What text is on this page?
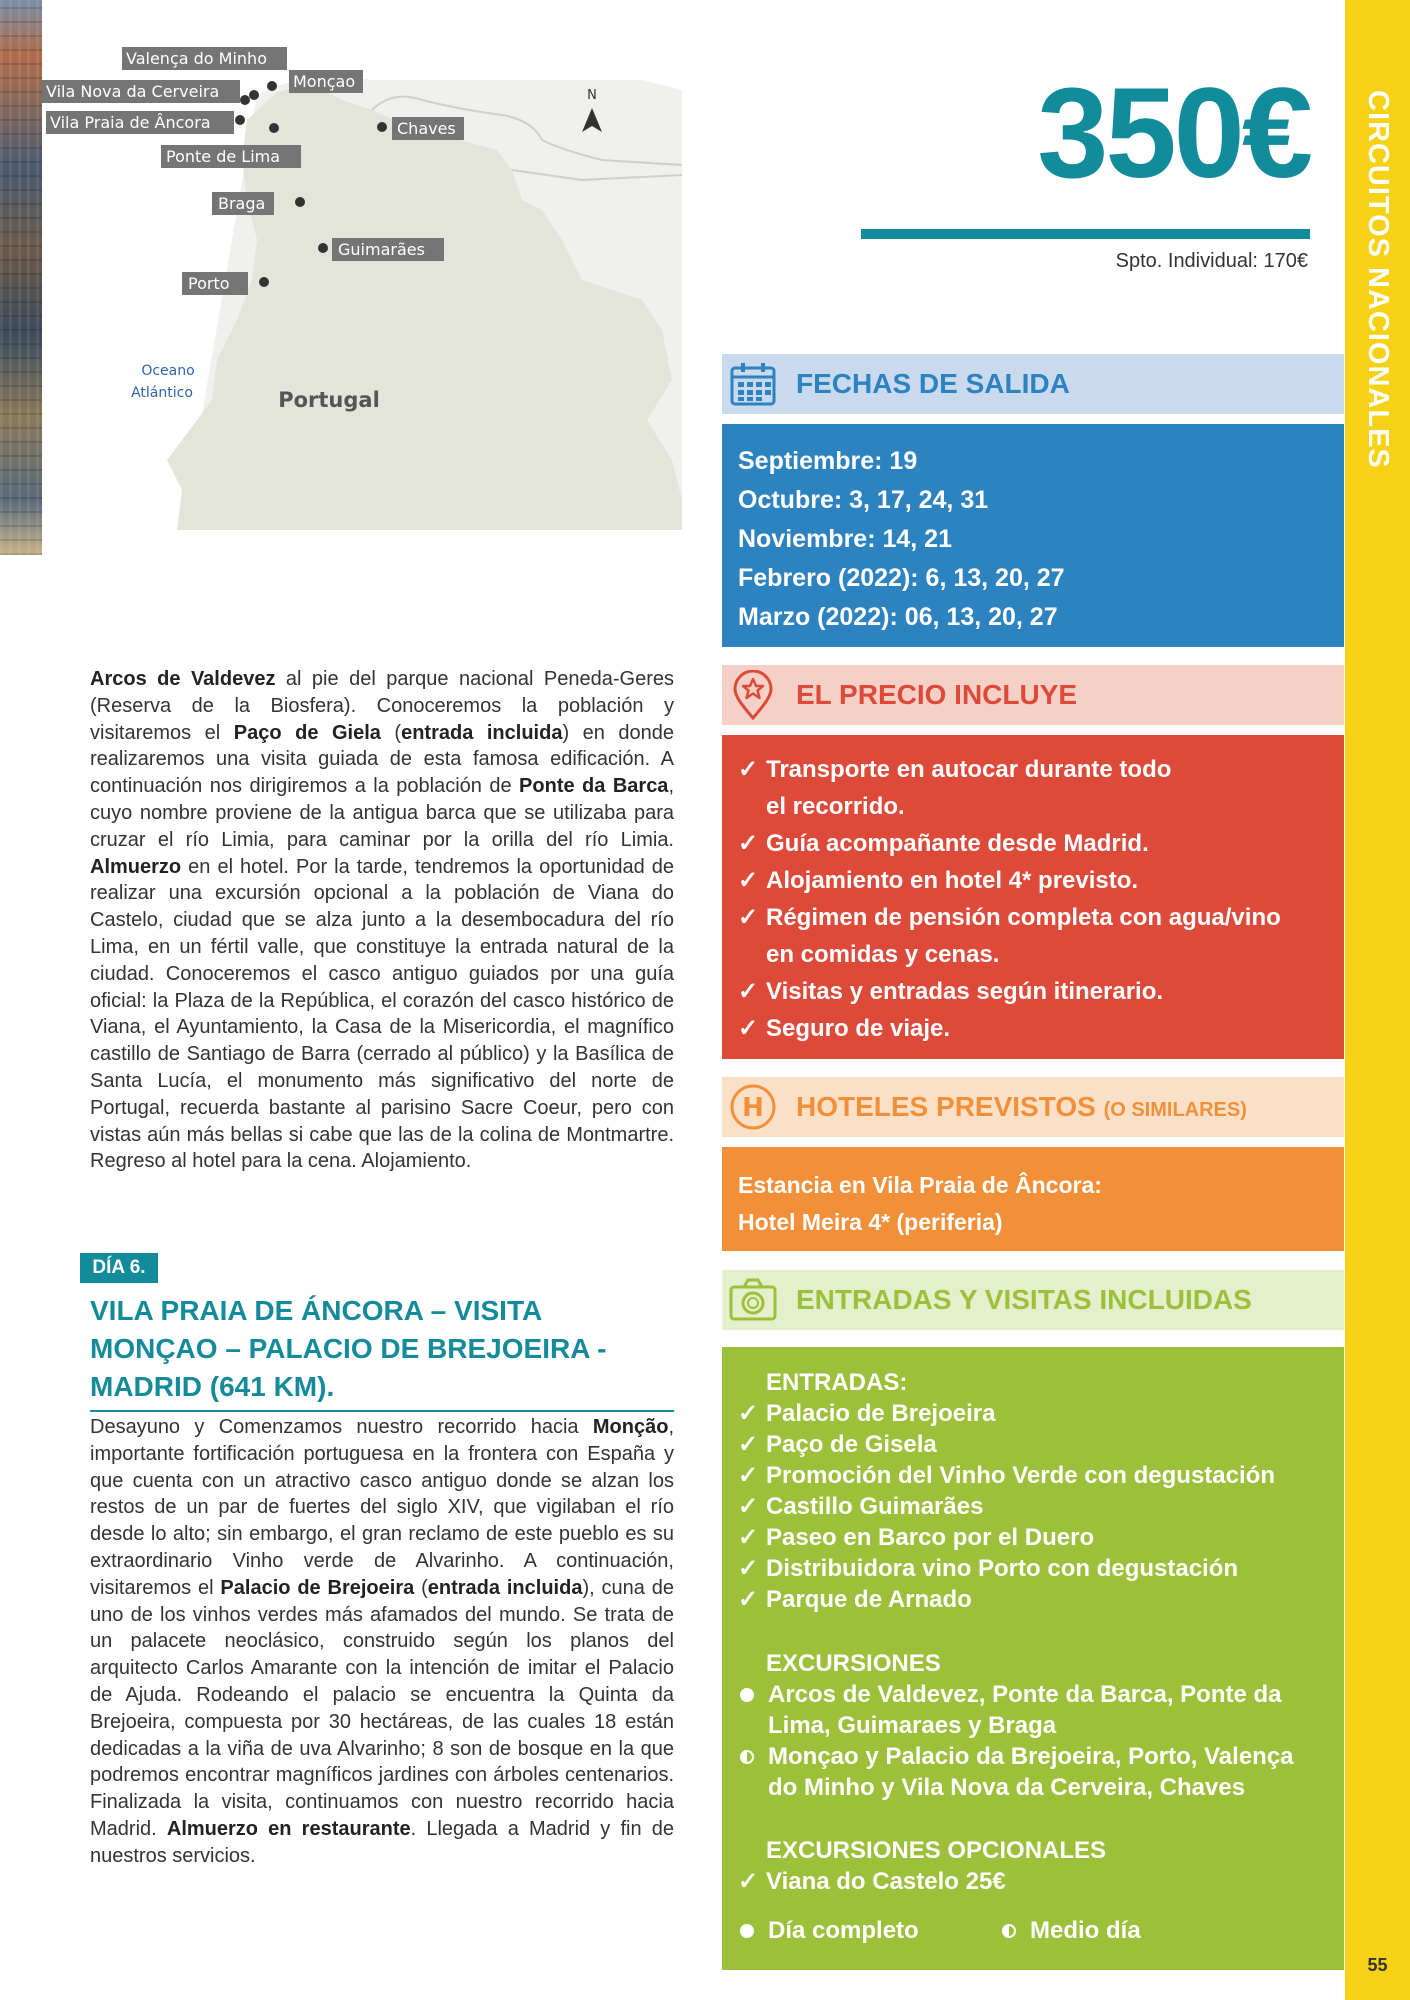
N
Oceano
Atlántico	Portugal
Valença do Minho
Vila Nova da Cerveira
Vila Praia de Âncora
Monçao
Chaves
Ponte de Lima
Braga
Guimarães
Porto
350€
Spto. Individual: 170€ CIRCUITOS NACIONALES
55
FECHAS DE SALIDA
Septiembre: 19
Octubre: 3, 17, 24, 31
Noviembre: 14, 21
Febrero (2022): 6, 13, 20, 27
Marzo (2022): 06, 13, 20, 27
EL PRECIO INCLUYE
✓ Transporte en autocar durante todo
el recorrido.
✓ Guía acompañante desde Madrid.
✓ Alojamiento en hotel 4* previsto.
✓ Régimen de pensión completa con agua/vino
en comidas y cenas.
✓ Visitas y entradas según itinerario.
✓ Seguro de viaje.
H HOTELES PREVISTOS (O SIMILARES)
Estancia en Vila Praia de Âncora:
Hotel Meira 4* (periferia)
ENTRADAS Y VISITAS INCLUIDAS
ENTRADAS:
✓ Palacio de Brejoeira
✓ Paço de Gisela
✓ Promoción del Vinho Verde con degustación
✓ Castillo Guimarães
✓ Paseo en Barco por el Duero
✓ Distribuidora vino Porto con degustación
✓ Parque de Arnado
EXCURSIONES
Arcos de Valdevez, Ponte da Barca, Ponte da
Lima, Guimaraes y Braga
Monçao y Palacio da Brejoeira, Porto, Valença
do Minho y Vila Nova da Cerveira, Chaves
EXCURSIONES OPCIONALES
✓ Viana do Castelo 25€
Día completo	Medio día

Arcos de Valdevez al pie del parque nacional Peneda-Geres (Reserva de la Biosfera). Conoceremos la población y visitaremos el Paço de Giela (entrada incluida) en donde realizaremos una visita guiada de esta famosa edificación. A continuación nos dirigiremos a la población de Ponte da Barca, cuyo nombre proviene de la antigua barca que se utilizaba para cruzar el río Limia, para caminar por la orilla del río Limia. Almuerzo en el hotel. Por la tarde, tendremos la oportunidad de realizar una excursión opcional a la población de Viana do Castelo, ciudad que se alza junto a la desembocadura del río Lima, en un fértil valle, que constituye la entrada natural de la ciudad. Conoceremos el casco antiguo guiados por una guía oficial: la Plaza de la República, el corazón del casco histórico de Viana, el Ayuntamiento, la Casa de la Misericordia, el magnífico castillo de Santiago de Barra (cerrado al público) y la Basílica de Santa Lucía, el monumento más significativo del norte de Portugal, recuerda bastante al parisino Sacre Coeur, pero con vistas aún más bellas si cabe que las de la colina de Montmartre. Regreso al hotel para la cena. Alojamiento.

DÍA 6.
VILA PRAIA DE ÁNCORA – VISITA
MONÇAO – PALACIO DE BREJOEIRA -
MADRID (641 KM).

Desayuno y Comenzamos nuestro recorrido hacia Monção, importante fortificación portuguesa en la frontera con España y que cuenta con un atractivo casco antiguo donde se alzan los restos de un par de fuertes del siglo XIV, que vigilaban el río desde lo alto; sin embargo, el gran reclamo de este pueblo es su extraordinario Vinho verde de Alvarinho. A continuación, visitaremos el Palacio de Brejoeira (entrada incluida), cuna de uno de los vinhos verdes más afamados del mundo. Se trata de un palacete neoclásico, construido según los planos del arquitecto Carlos Amarante con la intención de imitar el Palacio de Ajuda. Rodeando el palacio se encuentra la Quinta da Brejoeira, compuesta por 30 hectáreas, de las cuales 18 están dedicadas a la viña de uva Alvarinho; 8 son de bosque en la que podremos encontrar magníficos jardines con árboles centenarios. Finalizada la visita, continuamos con nuestro recorrido hacia Madrid. Almuerzo en restaurante. Llegada a Madrid y fin de nuestros servicios.
